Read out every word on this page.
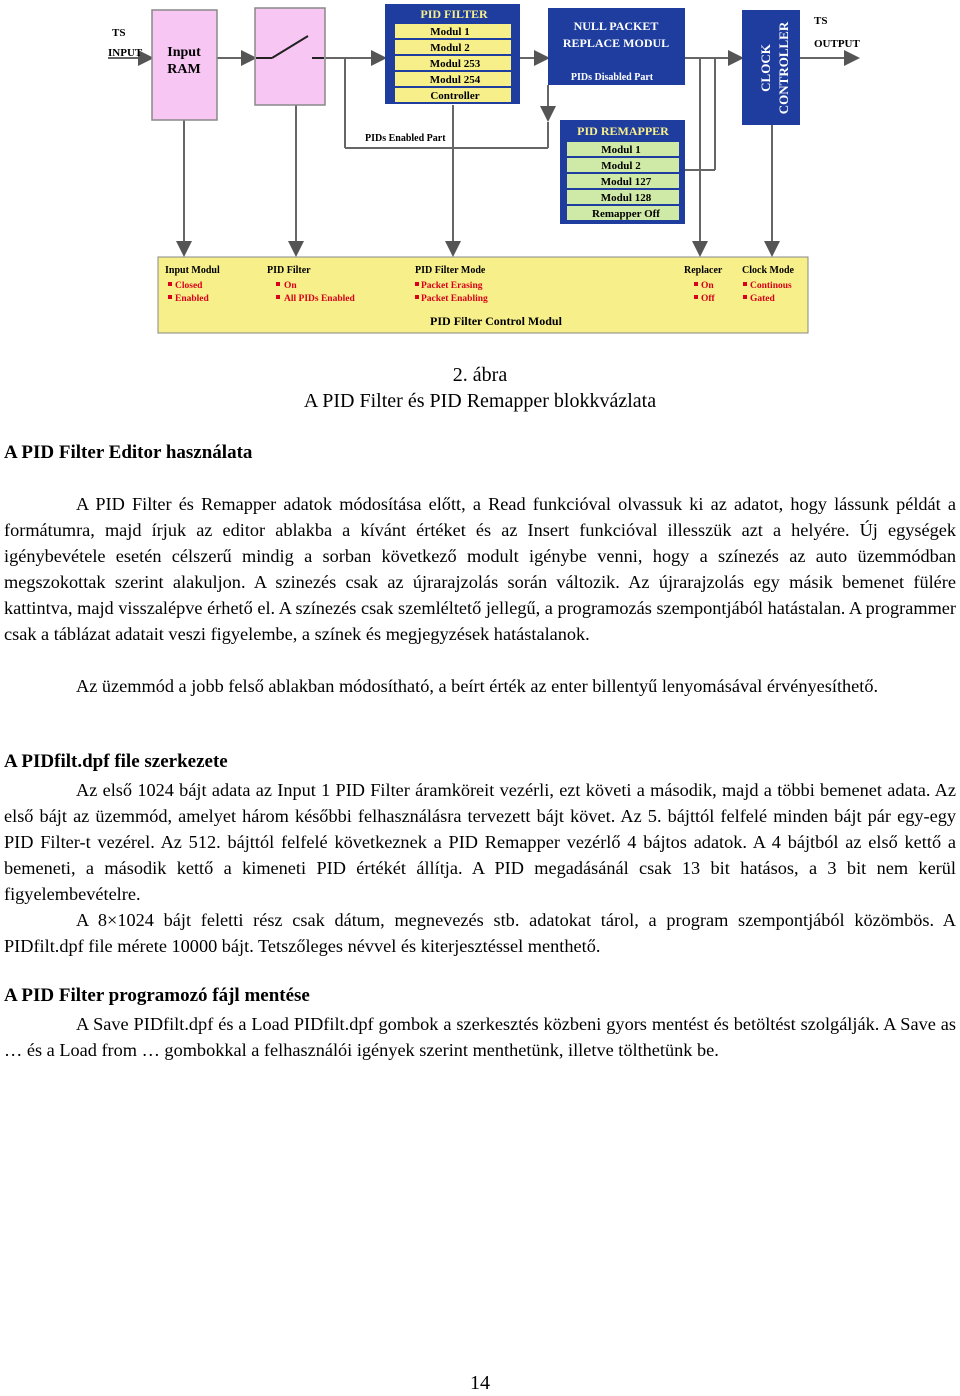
TS
INPUT
TS
OUTPUT
Input
RAM
PID FILTER
Modul 1
Modul 2
Modul 253
Modul 254
Controller
NULL PACKET
REPLACE MODUL
PIDs Disabled Part
PIDs Enabled Part
PID REMAPPER
Modul 1
Modul 2
Modul 127
Modul 128
Remapper Off
CLOCK CONTROLLER
Input Modul
Closed
Enabled
PID Filter
On
All PIDs Enabled
PID Filter Mode
Packet Erasing
Packet Enabling
Replacer
On
Off
Clock Mode
Continous
Gated
PID Filter Control Modul
2. ábra
A PID Filter és PID Remapper blokkvázlata
A PID Filter Editor használata
A PID Filter és Remapper adatok módosítása előtt, a Read funkcióval olvassuk ki az adatot, hogy lássunk példát a formátumra, majd írjuk az editor ablakba a kívánt értéket és az Insert funkcióval illesszük azt a helyére. Új egységek igénybevétele esetén célszerű mindig a sorban következő modult igénybe venni, hogy a színezés az auto üzemmódban megszokottak szerint alakuljon. A szinezés csak az újrarajzolás során változik. Az újrarajzolás egy másik bemenet fülére kattintva, majd visszalépve érhető el. A színezés csak szemléltető jellegű, a programozás szempontjából hatástalan. A programmer csak a táblázat adatait veszi figyelembe, a színek és megjegyzések hatástalanok.
Az üzemmód a jobb felső ablakban módosítható, a beírt érték az enter billentyű lenyomásával érvényesíthető.
A PIDfilt.dpf file szerkezete
Az első 1024 bájt adata az Input 1 PID Filter áramköreit vezérli, ezt követi a második, majd a többi bemenet adata. Az első bájt az üzemmód, amelyet három későbbi felhasználásra tervezett bájt követ. Az 5. bájttól felfelé minden bájt pár egy-egy PID Filter-t vezérel. Az 512. bájttól felfelé következnek a PID Remapper vezérlő 4 bájtos adatok. A 4 bájtból az első kettő a bemeneti, a második kettő a kimeneti PID értékét állítja. A PID megadásánál csak 13 bit hatásos, a 3 bit nem kerül figyelembevételre.
A 8×1024 bájt feletti rész csak dátum, megnevezés stb. adatokat tárol, a program szempontjából közömbös. A PIDfilt.dpf file mérete 10000 bájt. Tetszőleges névvel és kiterjesztéssel menthető.
A PID Filter programozó fájl mentése
A Save PIDfilt.dpf és a Load PIDfilt.dpf gombok a szerkesztés közbeni gyors mentést és betöltést szolgálják. A Save as … és a Load from … gombokkal a felhasználói igények szerint menthetünk, illetve tölthetünk be.
14
